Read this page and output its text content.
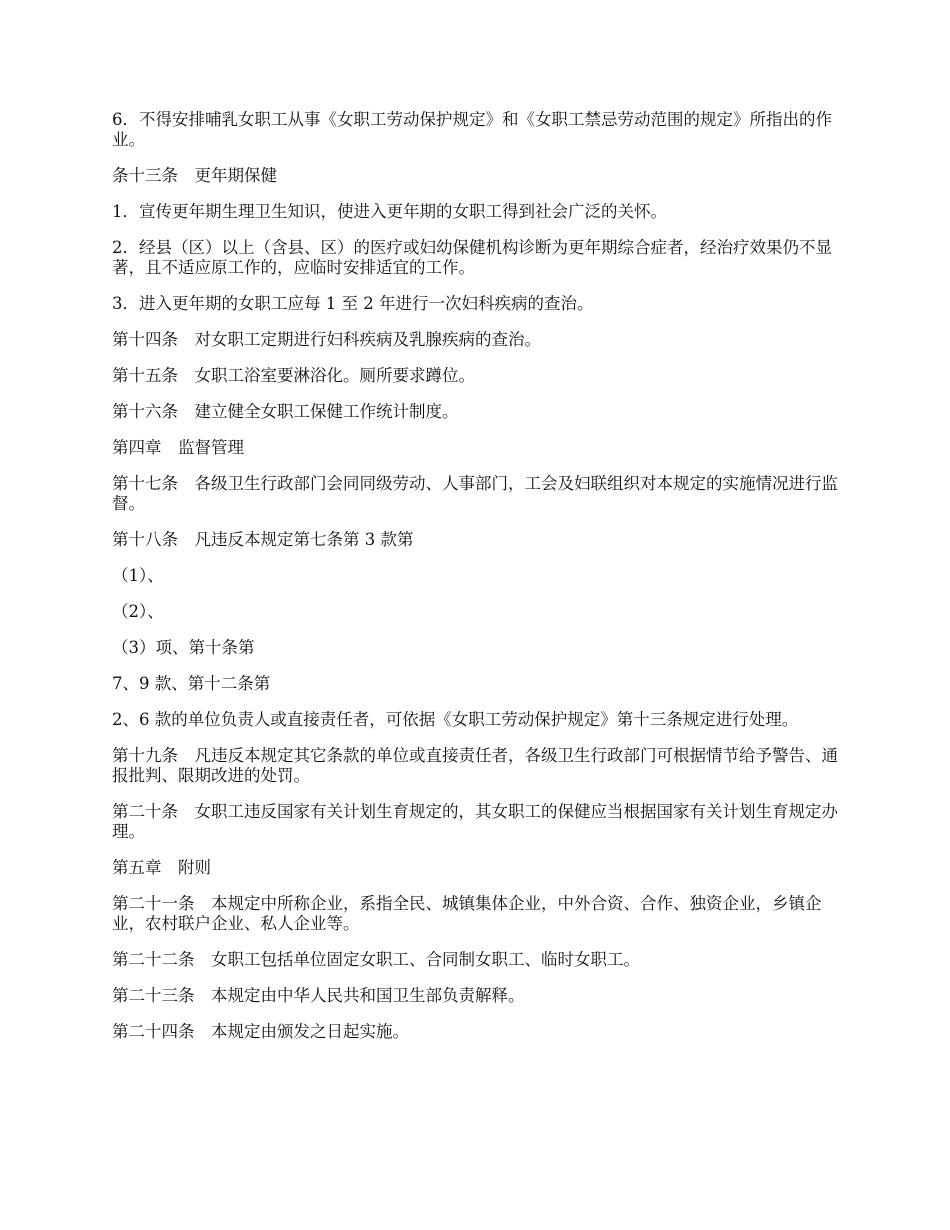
6．不得安排哺乳女职工从事《女职工劳动保护规定》和《女职工禁忌劳动范围的规定》所指出的作业。

条十三条　更年期保健

1．宣传更年期生理卫生知识，使进入更年期的女职工得到社会广泛的关怀。

2．经县（区）以上（含县、区）的医疗或妇幼保健机构诊断为更年期综合症者，经治疗效果仍不显著，且不适应原工作的，应临时安排适宜的工作。

3．进入更年期的女职工应每 1 至 2 年进行一次妇科疾病的查治。

第十四条　对女职工定期进行妇科疾病及乳腺疾病的查治。

第十五条　女职工浴室要淋浴化。厕所要求蹲位。

第十六条　建立健全女职工保健工作统计制度。

第四章　监督管理

第十七条　各级卫生行政部门会同同级劳动、人事部门，工会及妇联组织对本规定的实施情况进行监督。

第十八条　凡违反本规定第七条第 3 款第

（1）、

（2）、

（3）项、第十条第

7、9 款、第十二条第

2、6 款的单位负责人或直接责任者，可依据《女职工劳动保护规定》第十三条规定进行处理。

第十九条　凡违反本规定其它条款的单位或直接责任者，各级卫生行政部门可根据情节给予警告、通报批判、限期改进的处罚。

第二十条　女职工违反国家有关计划生育规定的，其女职工的保健应当根据国家有关计划生育规定办理。

第五章　附则

第二十一条　本规定中所称企业，系指全民、城镇集体企业，中外合资、合作、独资企业，乡镇企业，农村联户企业、私人企业等。

第二十二条　女职工包括单位固定女职工、合同制女职工、临时女职工。

第二十三条　本规定由中华人民共和国卫生部负责解释。

第二十四条　本规定由颁发之日起实施。
